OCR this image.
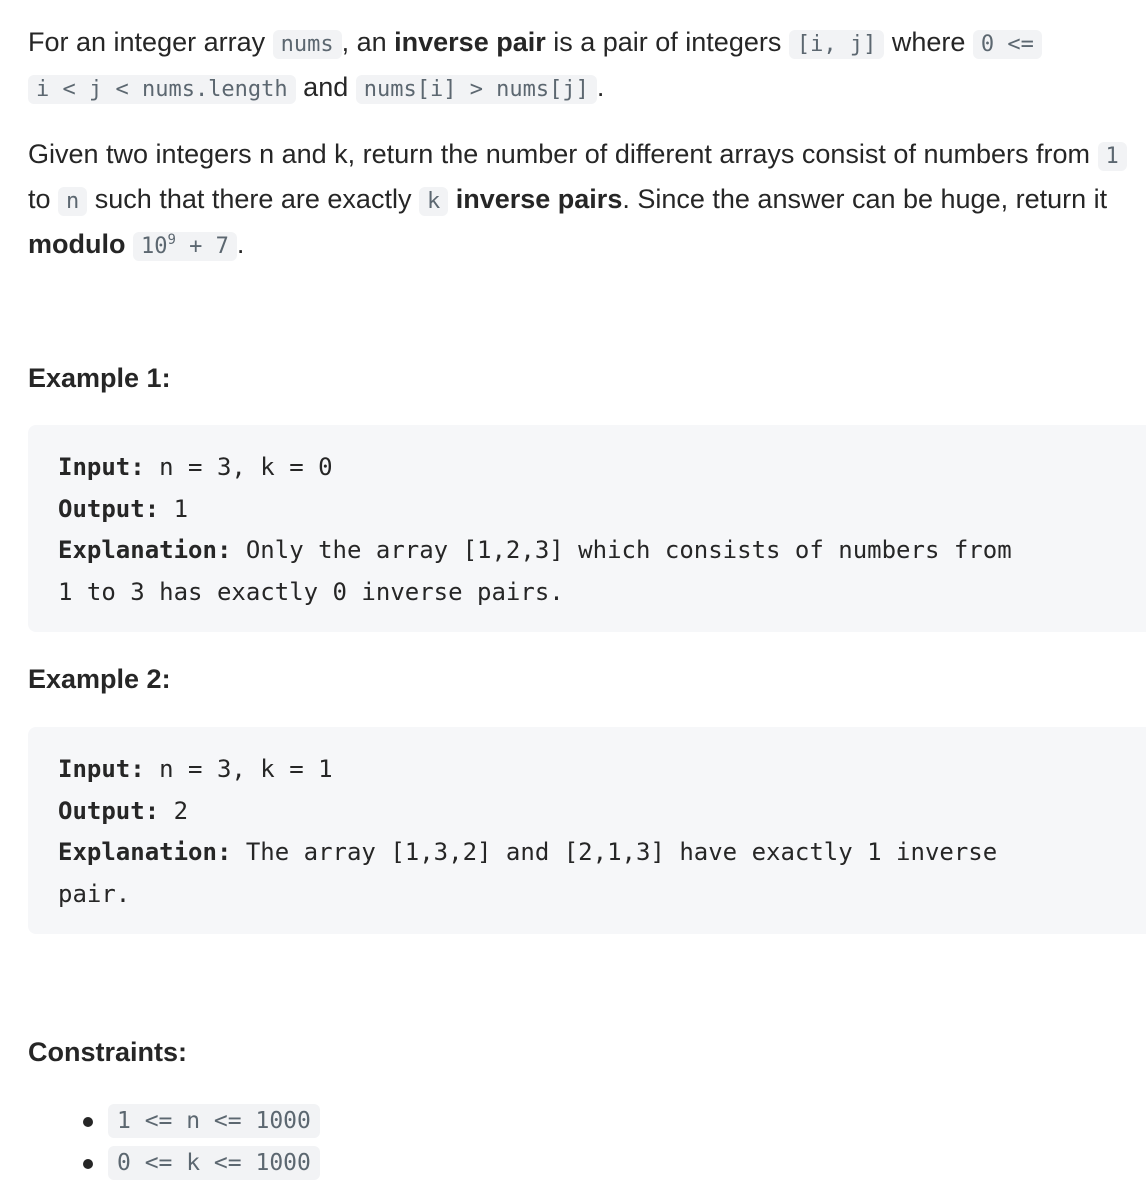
For an integer array nums , an inverse pair is a pair of integers [i, j] where 0 <=
i < j < nums.length and nums[i] > nums[j] .

Given two integers n and k, return the number of different arrays consist of numbers from 1 to n such that there are exactly k inverse pairs. Since the answer can be huge, return it modulo $10^9 + 7$ .

Example 1:
Input: n = 3, k = 0
Output: 1
Explanation: Only the array [1,2,3] which consists of numbers from
1 to 3 has exactly 0 inverse pairs.
Example 2:
Input: n = 3, k = 1
Output: 2
Explanation: The array [1,3,2] and [2,1,3] have exactly 1 inverse
pair.
Constraints:
1 <= n <= 1000
0 <= k <= 1000
